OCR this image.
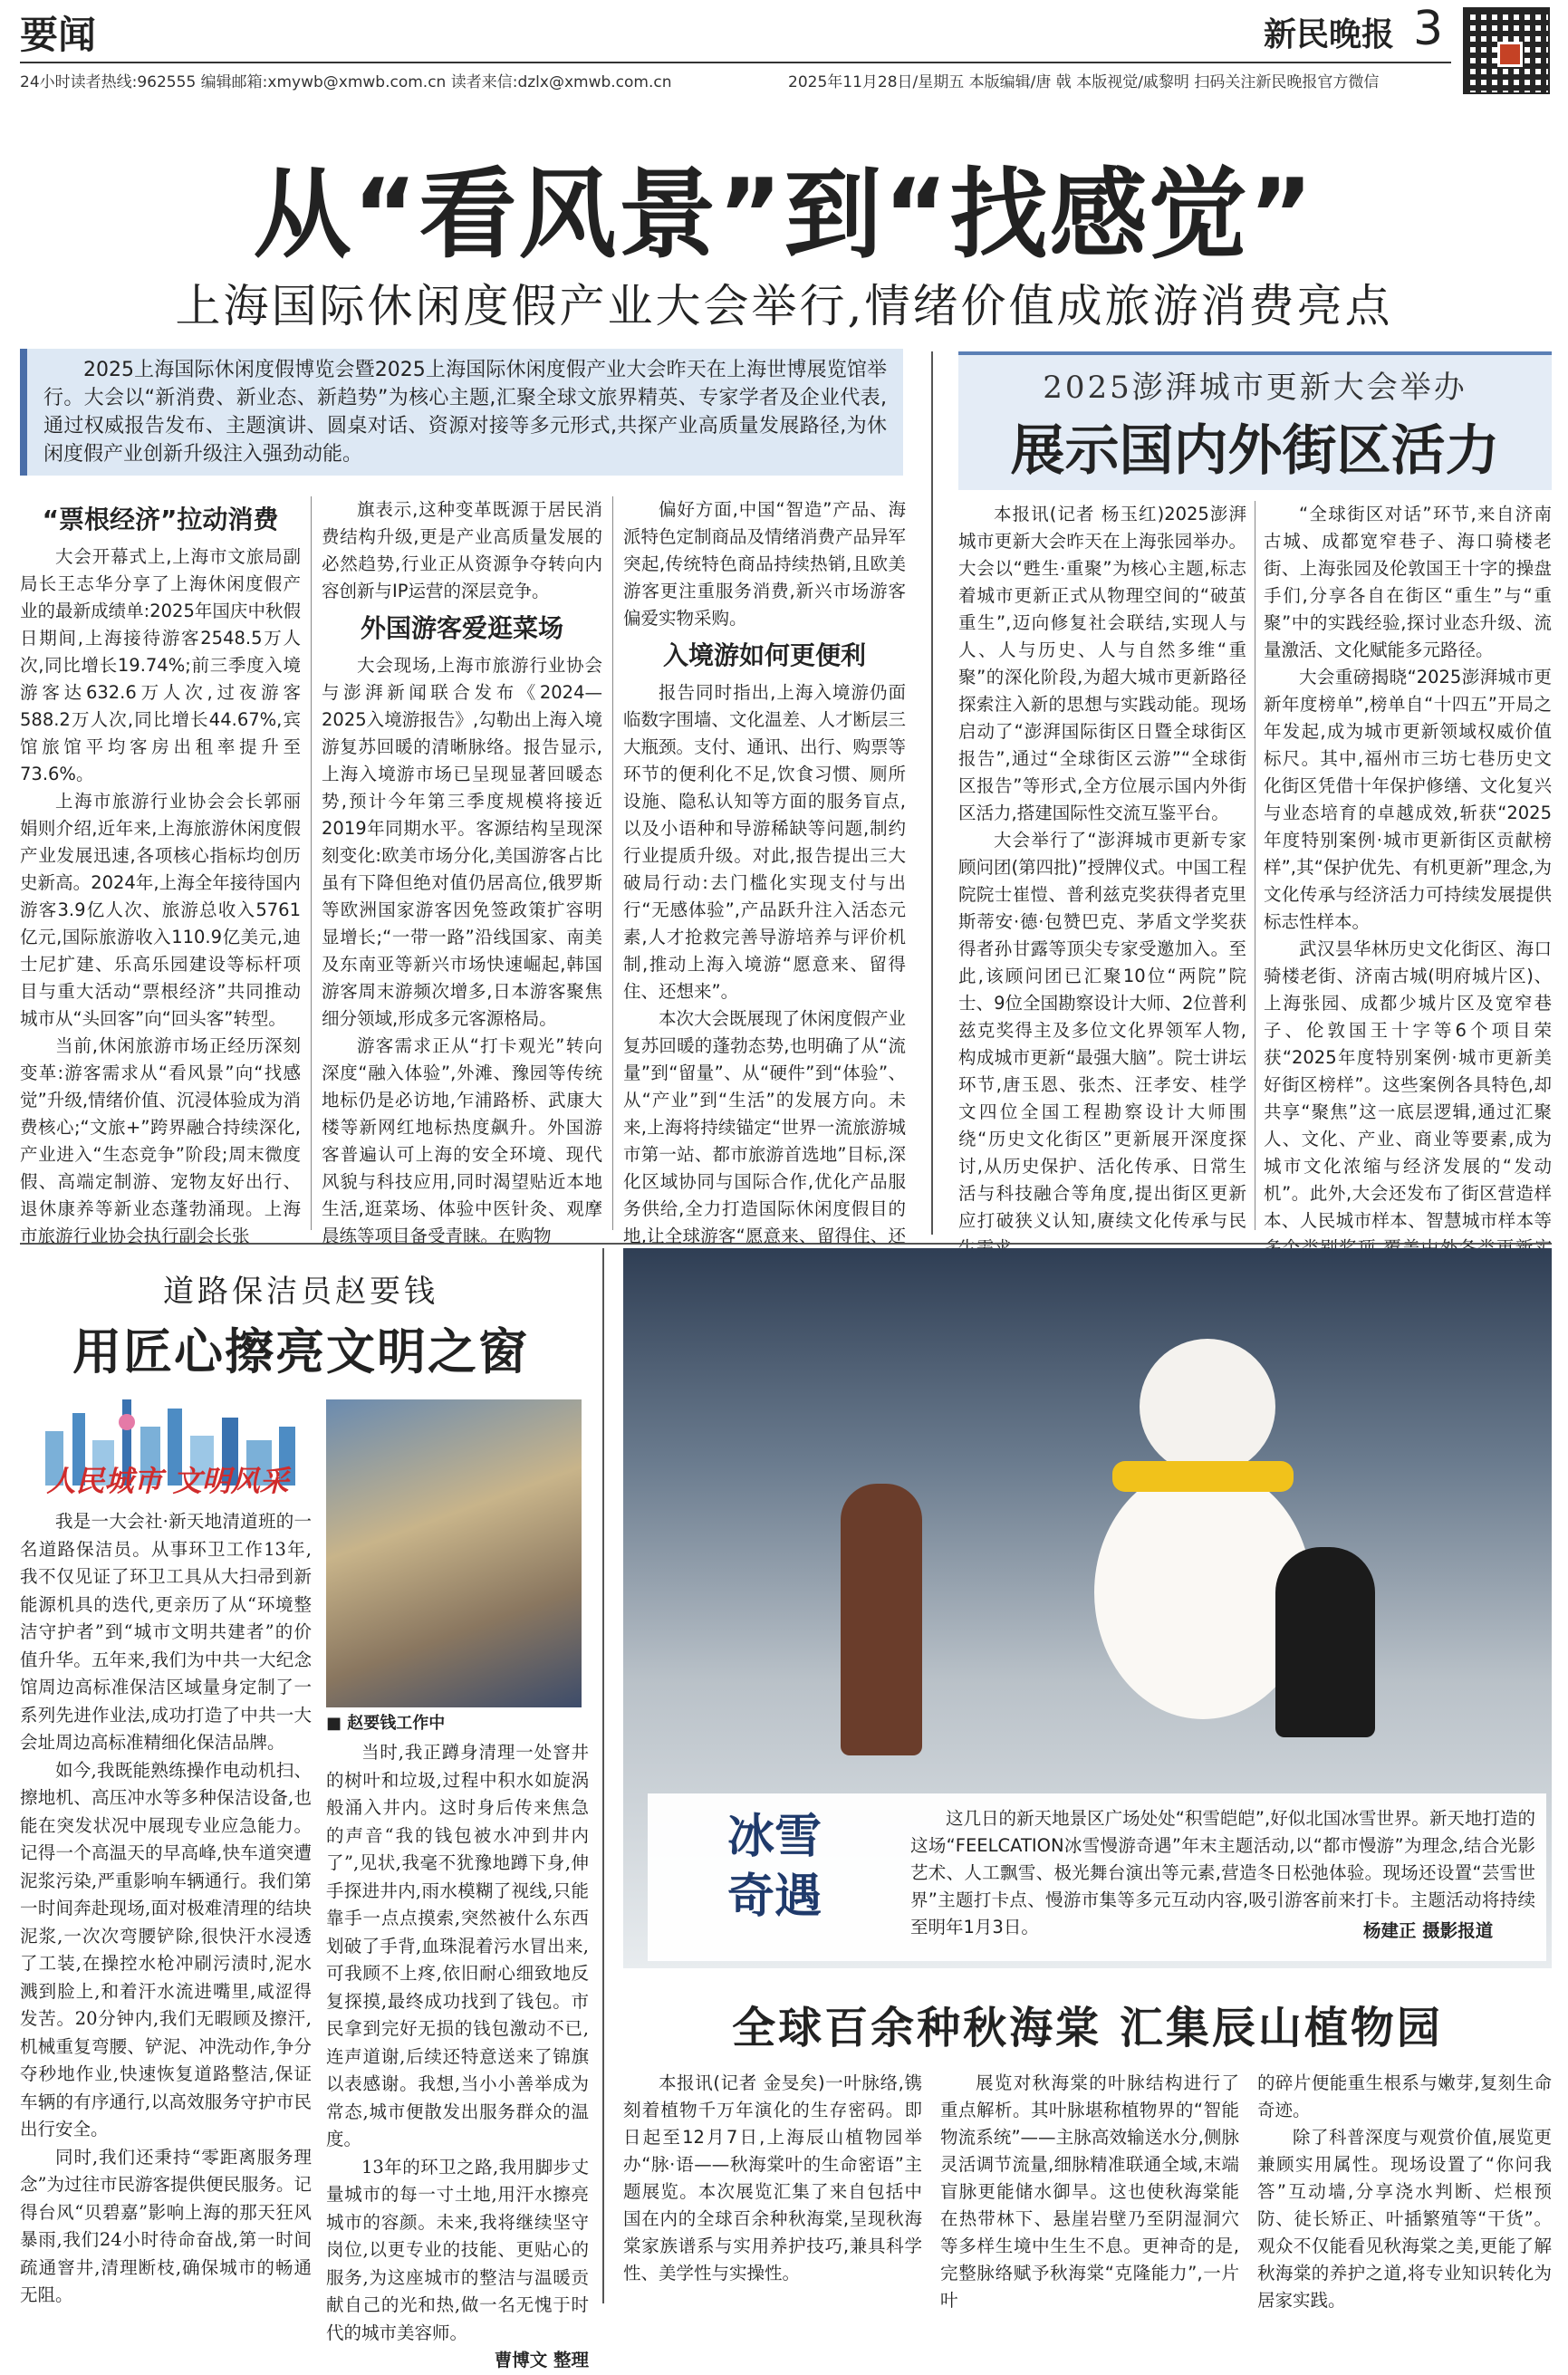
要闻	新民晚报 3
24小时读者热线:962555 编辑邮箱:xmywb@xmwb.com.cn 读者来信:dzlx@xmwb.com.cn	2025年11月28日/星期五 本版编辑/唐 戟 本版视觉/戚黎明 扫码关注新民晚报官方微信
从“看风景”到“找感觉”
上海国际休闲度假产业大会举行,情绪价值成旅游消费亮点
2025上海国际休闲度假博览会暨2025上海国际休闲度假产业大会昨天在上海世博展览馆举行。大会以“新消费、新业态、新趋势”为核心主题,汇聚全球文旅界精英、专家学者及企业代表,通过权威报告发布、主题演讲、圆桌对话、资源对接等多元形式,共探产业高质量发展路径,为休闲度假产业创新升级注入强劲动能。
“票根经济”拉动消费

大会开幕式上,上海市文旅局副局长王志华分享了上海休闲度假产业的最新成绩单:2025年国庆中秋假日期间,上海接待游客2548.5万人次,同比增长19.74%;前三季度入境游客达632.6万人次,过夜游客588.2万人次,同比增长44.67%,宾馆旅馆平均客房出租率提升至73.6%。

上海市旅游行业协会会长郭丽娟则介绍,近年来,上海旅游休闲度假产业发展迅速,各项核心指标均创历史新高。2024年,上海全年接待国内游客3.9亿人次、旅游总收入5761亿元,国际旅游收入110.9亿美元,迪士尼扩建、乐高乐园建设等标杆项目与重大活动“票根经济”共同推动城市从“头回客”向“回头客”转型。

当前,休闲旅游市场正经历深刻变革:游客需求从“看风景”向“找感觉”升级,情绪价值、沉浸体验成为消费核心;“文旅+”跨界融合持续深化,产业进入“生态竞争”阶段;周末微度假、高端定制游、宠物友好出行、退休康养等新业态蓬勃涌现。上海市旅游行业协会执行副会长张

旗表示,这种变革既源于居民消费结构升级,更是产业高质量发展的必然趋势,行业正从资源争夺转向内容创新与IP运营的深层竞争。

外国游客爱逛菜场

大会现场,上海市旅游行业协会与澎湃新闻联合发布《2024—2025入境游报告》,勾勒出上海入境游复苏回暖的清晰脉络。报告显示,上海入境游市场已呈现显著回暖态势,预计今年第三季度规模将接近2019年同期水平。客源结构呈现深刻变化:欧美市场分化,美国游客占比虽有下降但绝对值仍居高位,俄罗斯等欧洲国家游客因免签政策扩容明显增长;“一带一路”沿线国家、南美及东南亚等新兴市场快速崛起,韩国游客周末游频次增多,日本游客聚焦细分领域,形成多元客源格局。

游客需求正从“打卡观光”转向深度“融入体验”,外滩、豫园等传统地标仍是必访地,乍浦路桥、武康大楼等新网红地标热度飙升。外国游客普遍认可上海的安全环境、现代风貌与科技应用,同时渴望贴近本地生活,逛菜场、体验中医针灸、观摩晨练等项目备受青睐。在购物

偏好方面,中国“智造”产品、海派特色定制商品及情绪消费产品异军突起,传统特色商品持续热销,且欧美游客更注重服务消费,新兴市场游客偏爱实物采购。

入境游如何更便利

报告同时指出,上海入境游仍面临数字围墙、文化温差、人才断层三大瓶颈。支付、通讯、出行、购票等环节的便利化不足,饮食习惯、厕所设施、隐私认知等方面的服务盲点,以及小语种和导游稀缺等问题,制约行业提质升级。对此,报告提出三大破局行动:去门槛化实现支付与出行“无感体验”,产品跃升注入活态元素,人才抢救完善导游培养与评价机制,推动上海入境游“愿意来、留得住、还想来”。

本次大会既展现了休闲度假产业复苏回暖的蓬勃态势,也明确了从“流量”到“留量”、从“硬件”到“体验”、从“产业”到“生活”的发展方向。未来,上海将持续锚定“世界一流旅游城市第一站、都市旅游首选地”目标,深化区域协同与国际合作,优化产品服务供给,全力打造国际休闲度假目的地,让全球游客“愿意来、留得住、还

2025澎湃城市更新大会举办
展示国内外街区活力

本报讯(记者 杨玉红)2025澎湃城市更新大会昨天在上海张园举办。大会以“甦生·重聚”为核心主题,标志着城市更新正式从物理空间的“破茧重生”,迈向修复社会联结,实现人与人、人与历史、人与自然多维“重聚”的深化阶段,为超大城市更新路径探索注入新的思想与实践动能。现场启动了“澎湃国际街区日暨全球街区报告”,通过“全球街区云游”“全球街区报告”等形式,全方位展示国内外街区活力,搭建国际性交流互鉴平台。

大会举行了“澎湃城市更新专家顾问团(第四批)”授牌仪式。中国工程院院士崔愷、普利兹克奖获得者克里斯蒂安·德·包赞巴克、茅盾文学奖获得者孙甘露等顶尖专家受邀加入。至此,该顾问团已汇聚10位“两院”院士、9位全国勘察设计大师、2位普利兹克奖得主及多位文化界领军人物,构成城市更新“最强大脑”。院士讲坛环节,唐玉恩、张杰、汪孝安、桂学文四位全国工程勘察设计大师围绕“历史文化街区”更新展开深度探讨,从历史保护、活化传承、日常生活与科技融合等角度,提出街区更新应打破狭义认知,赓续文化传承与民

“全球街区对话”环节,来自济南古城、成都宽窄巷子、海口骑楼老街、上海张园及伦敦国王十字的操盘手们,分享各自在街区“重生”与“重聚”中的实践经验,探讨业态升级、流量激活、文化赋能多元路径。

大会重磅揭晓“2025澎湃城市更新年度榜单”,榜单自“十四五”开局之年发起,成为城市更新领域权威价值标尺。其中,福州市三坊七巷历史文化街区凭借十年保护修缮、文化复兴与业态培育的卓越成效,斩获“2025年度特别案例·城市更新街区贡献榜样”,其“保护优先、有机更新”理念,为文化传承与经济活力可持续发展提供标志性样本。

武汉昙华林历史文化街区、海口骑楼老街、济南古城(明府城片区)、上海张园、成都少城片区及宽窄巷子、伦敦国王十字等6个项目荣获“2025年度特别案例·城市更新美好街区榜样”。这些案例各具特色,却共享“聚焦”这一底层逻辑,通过汇聚人、文化、产业、商业等要素,成为城市文化浓缩与经济发展的“发动机”。此外,大会还发布了街区营造样本、人民城市样本、智慧城市样本等

道路保洁员赵要钱
用匠心擦亮文明之窗
人民城市 文明风采
■ 赵要钱工作中

我是一大会社·新天地清道班的一名道路保洁员。从事环卫工作13年,我不仅见证了环卫工具从大扫帚到新能源机具的迭代,更亲历了从“环境整洁守护者”到“城市文明共建者”的价值升华。五年来,我们为中共一大纪念馆周边高标准保洁区域量身定制了一系列先进作业法,成功打造了中共一大会址周边高标准精细化保洁品牌。

如今,我既能熟练操作电动机扫、擦地机、高压冲水等多种保洁设备,也能在突发状况中展现专业应急能力。记得一个高温天的早高峰,快车道突遭泥浆污染,严重影响车辆通行。我们第一时间奔赴现场,面对极难清理的结块泥浆,一次次弯腰铲除,很快汗水浸透了工装,在操控水枪冲刷污渍时,泥水溅到脸上,和着汗水流进嘴里,咸涩得发苦。20分钟内,我们无暇顾及擦汗,机械重复弯腰、铲泥、冲洗动作,争分夺秒地作业,快速恢复道路整洁,保证车辆的有序通行,以高效服务守护市民出行安全。

同时,我们还秉持“零距离服务理念”为过往市民游客提供便民服务。记得台风“贝碧嘉”影响上海的那天狂风暴雨,我们24小时待命奋战,第一时间疏通窨井,清理断枝,确保城市的畅通无阻。

当时,我正蹲身清理一处窨井的树叶和垃圾,过程中积水如旋涡般涌入井内。这时身后传来焦急的声音“我的钱包被水冲到井内了”,见状,我毫不犹豫地蹲下身,伸手探进井内,雨水模糊了视线,只能靠手一点点摸索,突然被什么东西划破了手背,血珠混着污水冒出来,可我顾不上疼,依旧耐心细致地反复探摸,最终成功找到了钱包。市民拿到完好无损的钱包激动不已,连声道谢,后续还特意送来了锦旗以表感谢。我想,当小小善举成为常态,城市便散发出服务群众的温度。

13年的环卫之路,我用脚步丈量城市的每一寸土地,用汗水擦亮城市的容颜。未来,我将继续坚守岗位,以更专业的技能、更贴心的服务,为这座城市的整洁与温暖贡献自己的光和热,做一名无愧于时代的城市美容师。

曹博文 整理

冰雪
奇遇
这几日的新天地景区广场处处“积雪皑皑”,好似北国冰雪世界。新天地打造的这场“FEELCATION冰雪慢游奇遇”年末主题活动,以“都市慢游”为理念,结合光影艺术、人工飘雪、极光舞台演出等元素,营造冬日松弛体验。现场还设置“芸雪世界”主题打卡点、慢游市集等多元互动内容,吸引游客前来打卡。主题活动将持续至明年1月3日。	杨建正 摄影报道
全球百余种秋海棠 汇集辰山植物园

本报讯(记者 金旻矣)一叶脉络,镌刻着植物千万年演化的生存密码。即日起至12月7日,上海辰山植物园举办“脉·语——秋海棠叶的生命密语”主题展览。本次展览汇集了来自包括中国在内的全球百余种秋海棠,呈现秋海棠家族谱系与实用养护技巧,兼具科学性、美学性与实操性。

展览对秋海棠的叶脉结构进行了重点解析。其叶脉堪称植物界的“智能物流系统”——主脉高效输送水分,侧脉灵活调节流量,细脉精准联通全域,末端盲脉更能储水御旱。这也使秋海棠能在热带林下、悬崖岩壁乃至阴湿洞穴等多样生境中生生不息。更神奇的是,完整脉络赋予秋海棠“克隆能力”,一片叶

的碎片便能重生根系与嫩芽,复刻生命奇迹。

除了科普深度与观赏价值,展览更兼顾实用属性。现场设置了“你问我答”互动墙,分享浇水判断、烂根预防、徒长矫正、叶插繁殖等“干货”。观众不仅能看见秋海棠之美,更能了解秋海棠的养护之道,将专业知识转化为居家实践。
